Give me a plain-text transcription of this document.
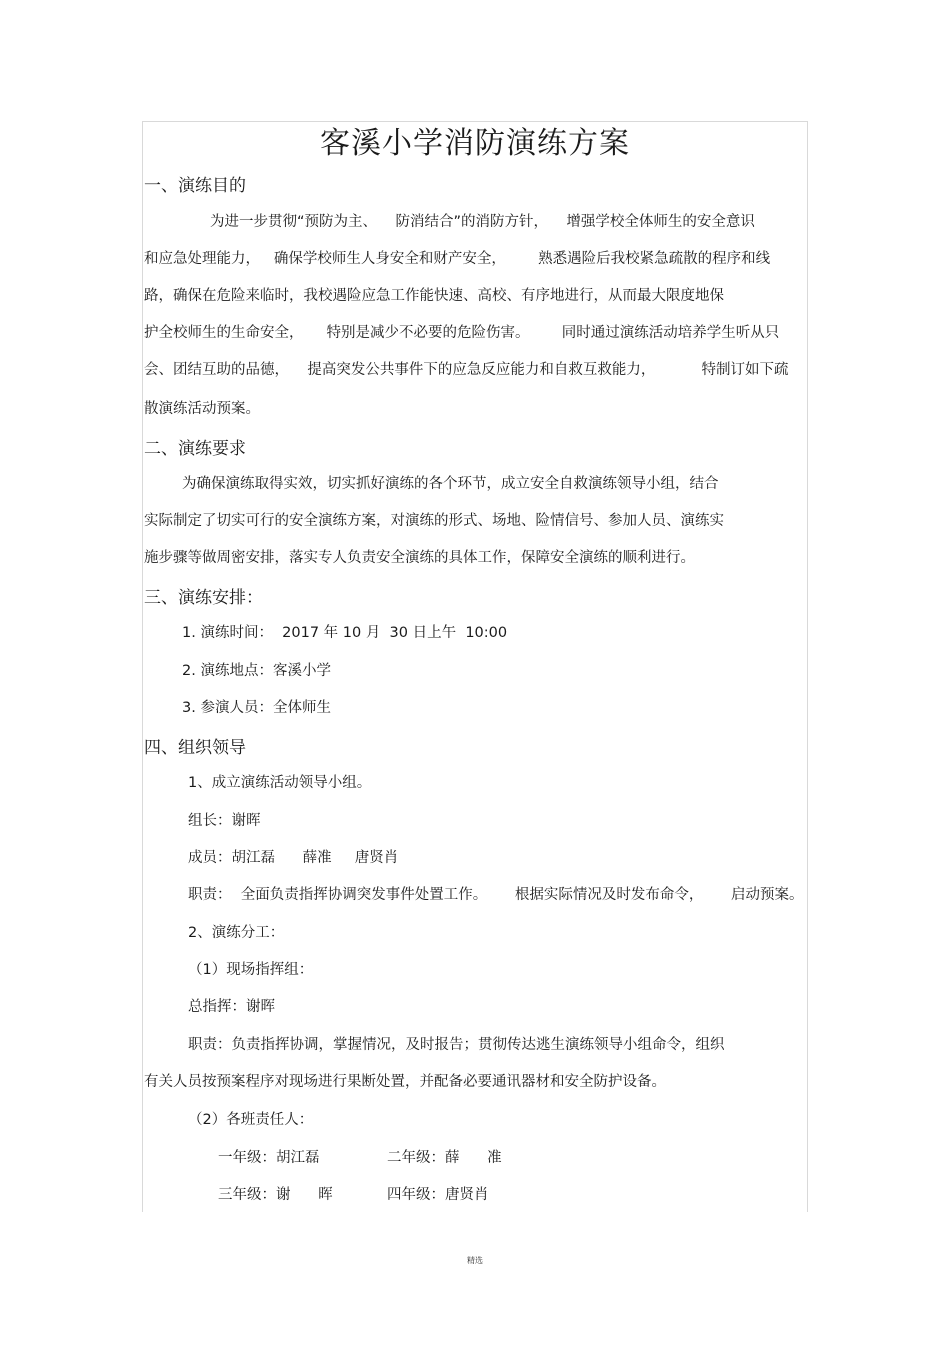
客溪小学消防演练方案
一、演练目的
为进一步贯彻“预防为主、    防消结合”的消防方针，    增强学校全体师生的安全意识
和应急处理能力，   确保学校师生人身安全和财产安全，       熟悉遇险后我校紧急疏散的程序和线
路，确保在危险来临时，我校遇险应急工作能快速、高校、有序地进行，从而最大限度地保
护全校师生的生命安全，     特别是减少不必要的危险伤害。       同时通过演练活动培养学生听从只
会、团结互助的品德，    提高突发公共事件下的应急反应能力和自救互救能力，          特制订如下疏
散演练活动预案。
二、演练要求
为确保演练取得实效，切实抓好演练的各个环节，成立安全自救演练领导小组，结合
实际制定了切实可行的安全演练方案，对演练的形式、场地、险情信号、参加人员、演练实
施步骤等做周密安排，落实专人负责安全演练的具体工作，保障安全演练的顺利进行。
三、演练安排：
1. 演练时间：  2017 年 10 月  30 日上午  10:00
2. 演练地点：客溪小学
3. 参演人员：全体师生
四、组织领导
1、成立演练活动领导小组。
组长：谢晖
成员：胡江磊      薛准     唐贤肖
职责：  全面负责指挥协调突发事件处置工作。      根据实际情况及时发布命令，      启动预案。
2、演练分工：
（1）现场指挥组：
总指挥：谢晖
职责：负责指挥协调，掌握情况，及时报告；贯彻传达逃生演练领导小组命令，组织
有关人员按预案程序对现场进行果断处置，并配备必要通讯器材和安全防护设备。
（2）各班责任人：
一年级：胡江磊	二年级：薛      准
三年级：谢      晖	四年级：唐贤肖
精选
